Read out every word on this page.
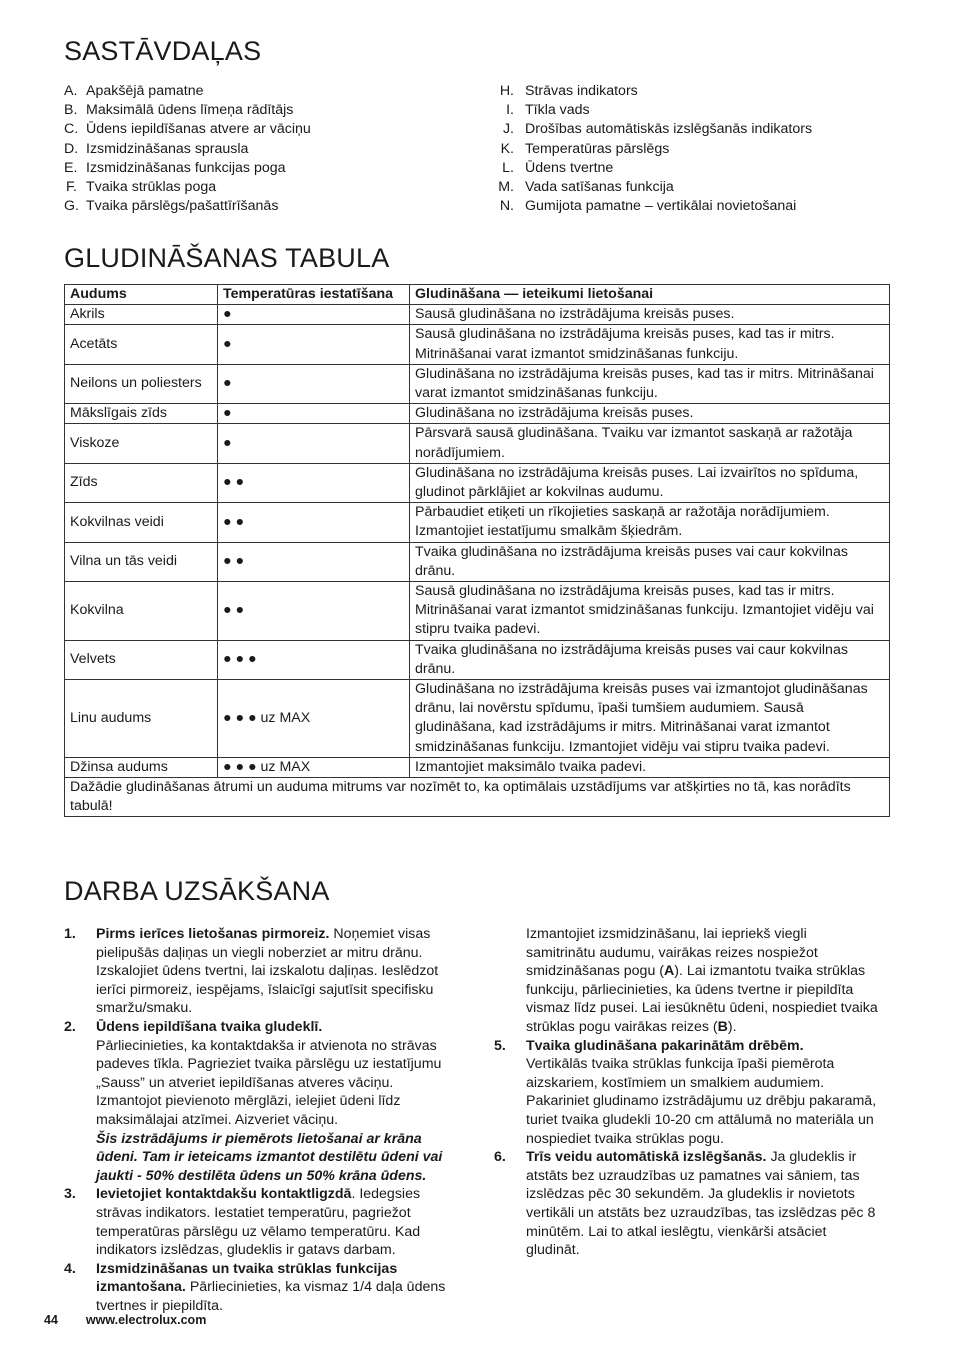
SASTĀVDAĻAS
A. Apakšējā pamatne
B. Maksimālā ūdens līmeņa rādītājs
C. Ūdens iepildīšanas atvere ar vāciņu
D. Izsmidzināšanas sprausla
E. Izsmidzināšanas funkcijas poga
F. Tvaika strūklas poga
G. Tvaika pārslēgs/pašattīrīšanās
H. Strāvas indikators
I. Tīkla vads
J. Drošības automātiskās izslēgšanās indikators
K. Temperatūras pārslēgs
L. Ūdens tvertne
M. Vada satīšanas funkcija
N. Gumijota pamatne – vertikālai novietošanai
GLUDINĀŠANAS TABULA
Audums	Temperatūras iestatīšana	Gludināšana — ieteikumi lietošanai
Akrils	●	Sausā gludināšana no izstrādājuma kreisās puses.
Acetāts	●	Sausā gludināšana no izstrādājuma kreisās puses, kad tas ir mitrs. Mitrināšanai varat izmantot smidzināšanas funkciju.
Neilons un poliesters	●	Gludināšana no izstrādājuma kreisās puses, kad tas ir mitrs. Mitrināšanai varat izmantot smidzināšanas funkciju.
Mākslīgais zīds	●	Gludināšana no izstrādājuma kreisās puses.
Viskoze	●	Pārsvarā sausā gludināšana. Tvaiku var izmantot saskaņā ar ražotāja norādījumiem.
Zīds	● ●	Gludināšana no izstrādājuma kreisās puses. Lai izvairītos no spīduma, gludinot pārklājiet ar kokvilnas audumu.
Kokvilnas veidi	● ●	Pārbaudiet etiķeti un rīkojieties saskaņā ar ražotāja norādījumiem. Izmantojiet iestatījumu smalkām šķiedrām.
Vilna un tās veidi	● ●	Tvaika gludināšana no izstrādājuma kreisās puses vai caur kokvilnas drānu.
Kokvilna	● ●	Sausā gludināšana no izstrādājuma kreisās puses, kad tas ir mitrs. Mitrināšanai varat izmantot smidzināšanas funkciju. Izmantojiet vidēju vai stipru tvaika padevi.
Velvets	● ● ●	Tvaika gludināšana no izstrādājuma kreisās puses vai caur kokvilnas drānu.
Linu audums	● ● ● uz MAX	Gludināšana no izstrādājuma kreisās puses vai izmantojot gludināšanas drānu, lai novērstu spīdumu, īpaši tumšiem audumiem. Sausā gludināšana, kad izstrādājums ir mitrs. Mitrināšanai varat izmantot smidzināšanas funkciju. Izmantojiet vidēju vai stipru tvaika padevi.
Džinsa audums	● ● ● uz MAX	Izmantojiet maksimālo tvaika padevi.
Dažādie gludināšanas ātrumi un auduma mitrums var nozīmēt to, ka optimālais uzstādījums var atšķirties no tā, kas norādīts tabulā!		
DARBA UZSĀKŠANA
1.	Pirms ierīces lietošanas pirmoreiz. Noņemiet visas pielipušās daļiņas un viegli noberziet ar mitru drānu. Izskalojiet ūdens tvertni, lai izskalotu daļiņas. Ieslēdzot ierīci pirmoreiz, iespējams, īslaicīgi sajutīsit specifisku smaržu/smaku.
2.	Ūdens iepildīšana tvaika gludeklī.
Pārliecinieties, ka kontaktdakša ir atvienota no strāvas padeves tīkla. Pagrieziet tvaika pārslēgu uz iestatījumu „Sauss” un atveriet iepildīšanas atveres vāciņu. Izmantojot pievienoto mērglāzi, ielejiet ūdeni līdz maksimālajai atzīmei. Aizveriet vāciņu.
Šis izstrādājums ir piemērots lietošanai ar krāna ūdeni. Tam ir ieteicams izmantot destilētu ūdeni vai jaukti - 50% destilēta ūdens un 50% krāna ūdens.
3.	Ievietojiet kontaktdakšu kontaktligzdā. Iedegsies strāvas indikators. Iestatiet temperatūru, pagriežot temperatūras pārslēgu uz vēlamo temperatūru. Kad indikators izslēdzas, gludeklis ir gatavs darbam.
4.	Izsmidzināšanas un tvaika strūklas funkcijas izmantošana. Pārliecinieties, ka vismaz 1/4 daļa ūdens tvertnes ir piepildīta.
Izmantojiet izsmidzināšanu, lai iepriekš viegli samitrinātu audumu, vairākas reizes nospiežot smidzināšanas pogu (A). Lai izmantotu tvaika strūklas funkciju, pārliecinieties, ka ūdens tvertne ir piepildīta vismaz līdz pusei. Lai iesūknētu ūdeni, nospiediet tvaika strūklas pogu vairākas reizes (B).
5.	Tvaika gludināšana pakarinātām drēbēm.
Vertikālās tvaika strūklas funkcija īpaši piemērota aizskariem, kostīmiem un smalkiem audumiem. Pakariniet gludinamo izstrādājumu uz drēbju pakaramā, turiet tvaika gludekli 10-20 cm attālumā no materiāla un nospiediet tvaika strūklas pogu.
6.	Trīs veidu automātiskā izslēgšanās. Ja gludeklis ir atstāts bez uzraudzības uz pamatnes vai sāniem, tas izslēdzas pēc 30 sekundēm. Ja gludeklis ir novietots vertikāli un atstāts bez uzraudzības, tas izslēdzas pēc 8 minūtēm. Lai to atkal ieslēgtu, vienkārši atsāciet gludināt.
44 www.electrolux.com
